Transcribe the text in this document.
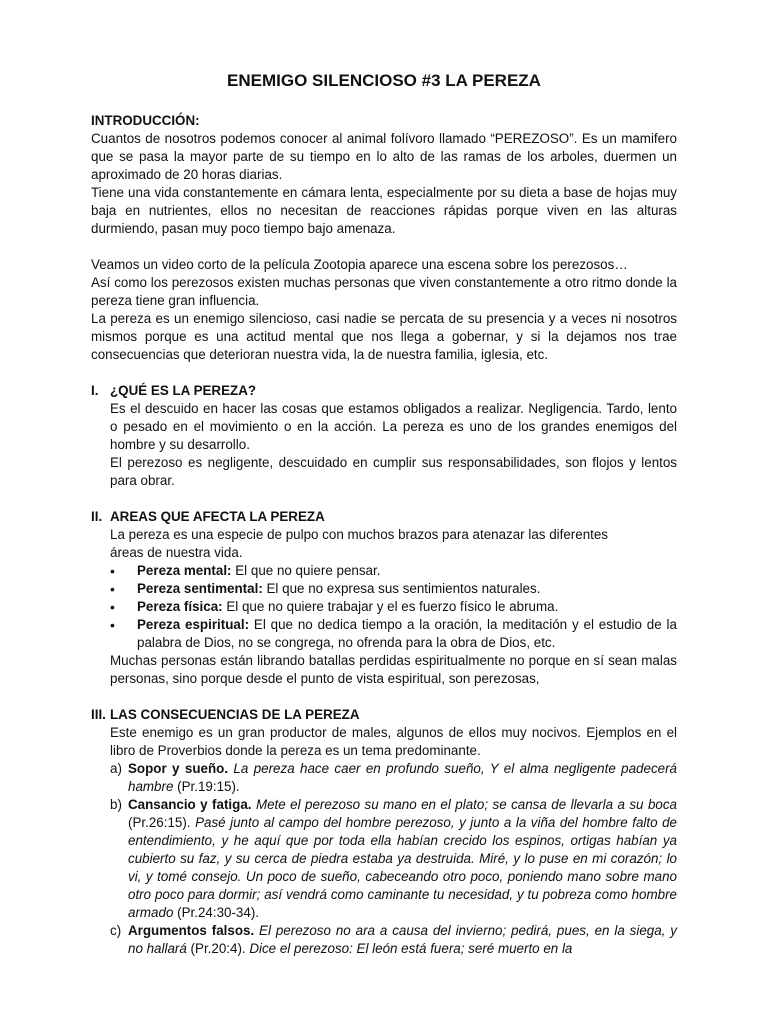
ENEMIGO SILENCIOSO #3 LA PEREZA

INTRODUCCIÓN:

Cuantos de nosotros podemos conocer al animal folívoro llamado “PEREZOSO”. Es un mamifero que se pasa la mayor parte de su tiempo en lo alto de las ramas de los arboles, duermen un aproximado de 20 horas diarias.

Tiene una vida constantemente en cámara lenta, especialmente por su dieta a base de hojas muy baja en nutrientes, ellos no necesitan de reacciones rápidas porque viven en las alturas durmiendo, pasan muy poco tiempo bajo amenaza.

Veamos un video corto de la película Zootopia aparece una escena sobre los perezosos…

Así como los perezosos existen muchas personas que viven constantemente a otro ritmo donde la pereza tiene gran influencia.

La pereza es un enemigo silencioso, casi nadie se percata de su presencia y a veces ni nosotros mismos porque es una actitud mental que nos llega a gobernar, y si la dejamos nos trae consecuencias que deterioran nuestra vida, la de nuestra familia, iglesia, etc.

I. ¿QUÉ ES LA PEREZA?

Es el descuido en hacer las cosas que estamos obligados a realizar. Negligencia. Tardo, lento o pesado en el movimiento o en la acción. La pereza es uno de los grandes enemigos del hombre y su desarrollo.

El perezoso es negligente, descuidado en cumplir sus responsabilidades, son flojos y lentos para obrar.

II. AREAS QUE AFECTA LA PEREZA

La pereza es una especie de pulpo con muchos brazos para atenazar las diferentes

áreas de nuestra vida.

•	Pereza mental: El que no quiere pensar.
•	Pereza sentimental: El que no expresa sus sentimientos naturales.
•	Pereza física: El que no quiere trabajar y el es fuerzo físico le abruma.
•	Pereza espiritual: El que no dedica tiempo a la oración, la meditación y el estudio de la palabra de Dios, no se congrega, no ofrenda para la obra de Dios, etc.

Muchas personas están librando batallas perdidas espiritualmente no porque en sí sean malas personas, sino porque desde el punto de vista espiritual, son perezosas,

III. LAS CONSECUENCIAS DE LA PEREZA

Este enemigo es un gran productor de males, algunos de ellos muy nocivos. Ejemplos en el libro de Proverbios donde la pereza es un tema predominante.

a) Sopor y sueño. La pereza hace caer en profundo sueño, Y el alma negligente padecerá hambre (Pr.19:15).
b) Cansancio y fatiga. Mete el perezoso su mano en el plato; se cansa de llevarla a su boca (Pr.26:15). Pasé junto al campo del hombre perezoso, y junto a la viña del hombre falto de entendimiento, y he aquí que por toda ella habían crecido los espinos, ortigas habían ya cubierto su faz, y su cerca de piedra estaba ya destruida. Miré, y lo puse en mi corazón; lo vi, y tomé consejo. Un poco de sueño, cabeceando otro poco, poniendo mano sobre mano otro poco para dormir; así vendrá como caminante tu necesidad, y tu pobreza como hombre armado (Pr.24:30-34).
c) Argumentos falsos. El perezoso no ara a causa del invierno; pedirá, pues, en la siega, y no hallará (Pr.20:4). Dice el perezoso: El león está fuera; seré muerto en la
